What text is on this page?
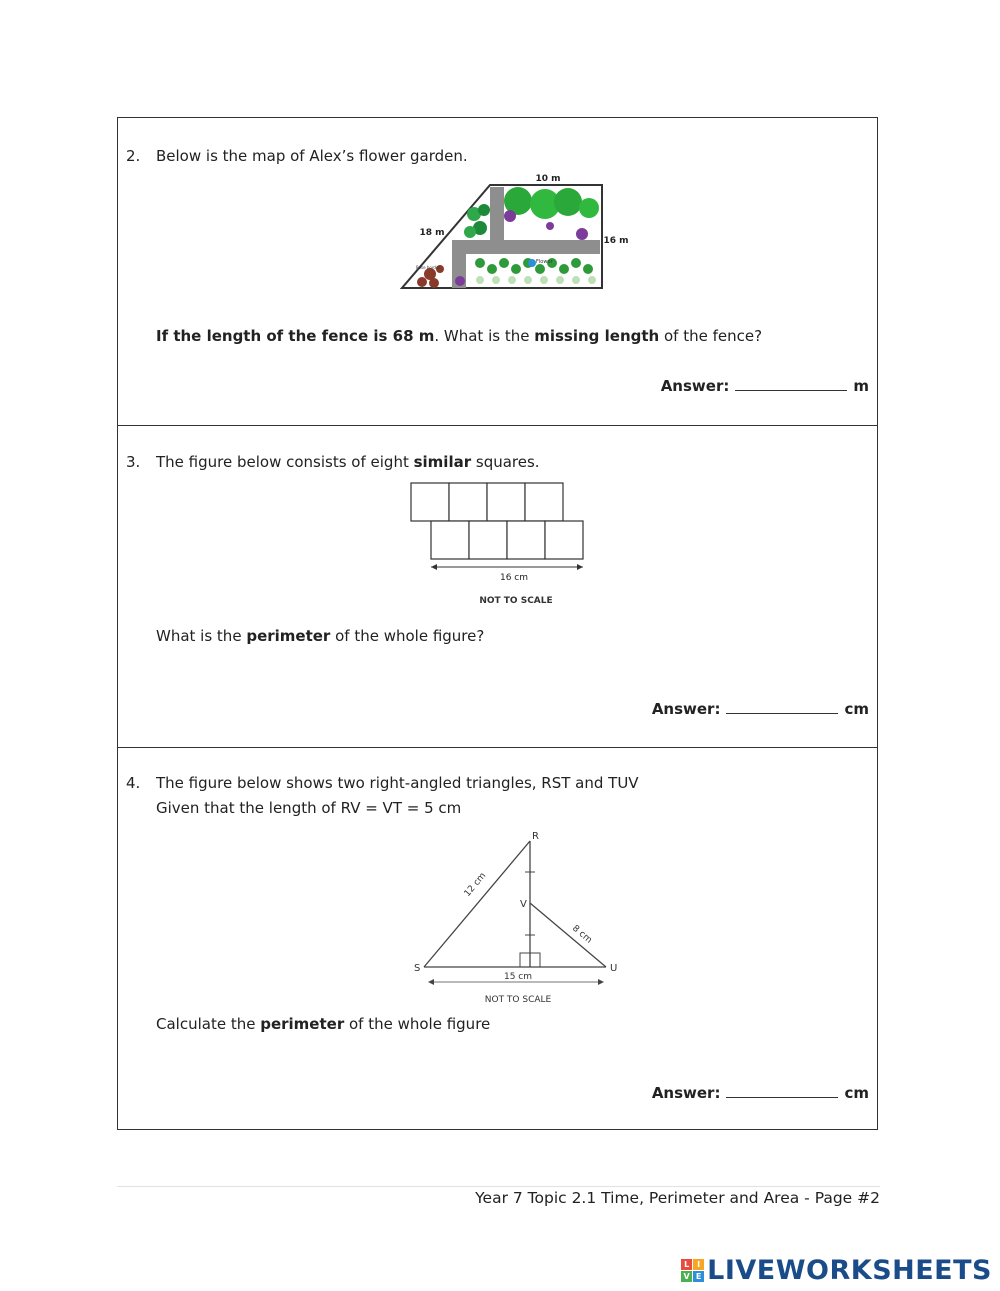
2. Below is the map of Alex’s flower garden.
Flower
Rose border
10 m
18 m
16 m
If the length of the fence is 68 m. What is the missing length of the fence?
Answer:	m
3. The figure below consists of eight similar squares.
16 cm
NOT TO SCALE
What is the perimeter of the whole figure?
Answer:	cm
4. The figure below shows two right-angled triangles, RST and TUV
Given that the length of RV = VT = 5 cm
R
V
S	U
12 cm
8 cm
15 cm
NOT TO SCALE
Calculate the perimeter of the whole figure
Answer:	cm
Year 7 Topic 2.1 Time, Perimeter and Area - Page #2
L I
V E LIVEWORKSHEETS
